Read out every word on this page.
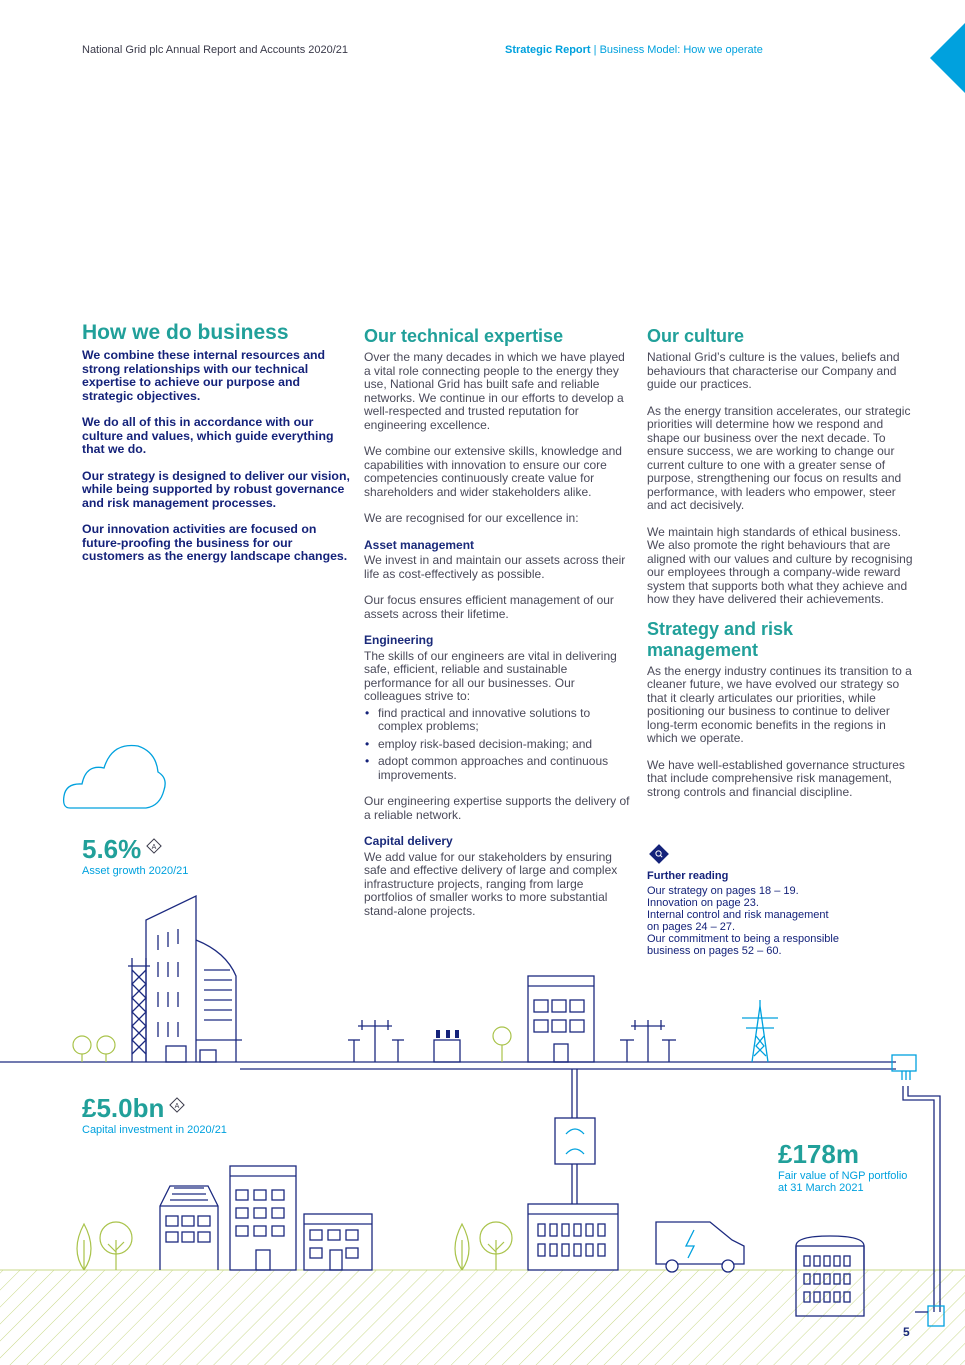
National Grid plc Annual Report and Accounts 2020/21	Strategic Report | Business Model: How we operate
How we do business

We combine these internal resources and strong relationships with our technical expertise to achieve our purpose and strategic objectives.

We do all of this in accordance with our culture and values, which guide everything that we do.

Our strategy is designed to deliver our vision, while being supported by robust governance and risk management processes.

Our innovation activities are focused on future-proofing the business for our customers as the energy landscape changes.

Our technical expertise

Over the many decades in which we have played a vital role connecting people to the energy they use, National Grid has built safe and reliable networks. We continue in our efforts to develop a well-respected and trusted reputation for engineering excellence.

We combine our extensive skills, knowledge and capabilities with innovation to ensure our core competencies continuously create value for shareholders and wider stakeholders alike.

We are recognised for our excellence in:

Asset management

We invest in and maintain our assets across their life as cost-effectively as possible.

Our focus ensures efficient management of our assets across their lifetime.

Engineering

The skills of our engineers are vital in delivering safe, efficient, reliable and sustainable performance for all our businesses. Our colleagues strive to:

• find practical and innovative solutions to complex problems;
• employ risk-based decision-making; and
• adopt common approaches and continuous improvements.

Our engineering expertise supports the delivery of a reliable network.

Capital delivery

We add value for our stakeholders by ensuring safe and effective delivery of large and complex infrastructure projects, ranging from large portfolios of smaller works to more substantial stand-alone projects.

Our culture

National Grid’s culture is the values, beliefs and behaviours that characterise our Company and guide our practices.

As the energy transition accelerates, our strategic priorities will determine how we respond and shape our business over the next decade. To ensure success, we are working to change our current culture to one with a greater sense of purpose, strengthening our focus on results and performance, with leaders who empower, steer and act decisively.

We maintain high standards of ethical business. We also promote the right behaviours that are aligned with our values and culture by recognising our employees through a company-wide reward system that supports both what they achieve and how they have delivered their achievements.

Strategy and risk management

As the energy industry continues its transition to a cleaner future, we have evolved our strategy so that it clearly articulates our priorities, while positioning our business to continue to deliver long-term economic benefits in the regions in which we operate.

We have well-established governance structures that include comprehensive risk management, strong controls and financial discipline.

Further reading
Our strategy on pages 18 – 19.
Innovation on page 23.
Internal control and risk management
on pages 24 – 27.
Our commitment to being a responsible
business on pages 52 – 60.
5.6% A
Asset growth 2020/21
£5.0bn A
Capital investment in 2020/21
£178m
Fair value of NGP portfolio
at 31 March 2021
5
